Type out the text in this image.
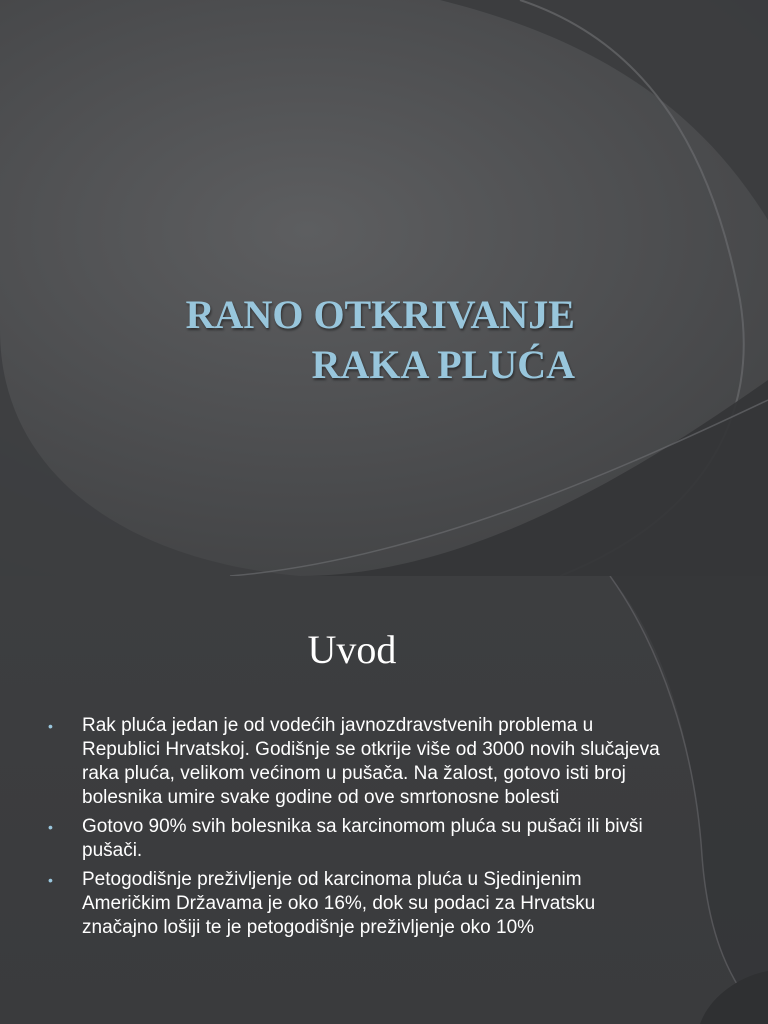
RANO OTKRIVANJE
RAKA PLUĆA
Uvod
• Rak pluća jedan je od vodećih javnozdravstvenih problema u Republici Hrvatskoj. Godišnje se otkrije više od 3000 novih slučajeva raka pluća, velikom većinom u pušača. Na žalost, gotovo isti broj bolesnika umire svake godine od ove smrtonosne bolesti
• Gotovo 90% svih bolesnika sa karcinomom pluća su pušači ili bivši pušači.
• Petogodišnje preživljenje od karcinoma pluća u Sjedinjenim Američkim Državama je oko 16%, dok su podaci za Hrvatsku značajno lošiji te je petogodišnje preživljenje oko 10%
